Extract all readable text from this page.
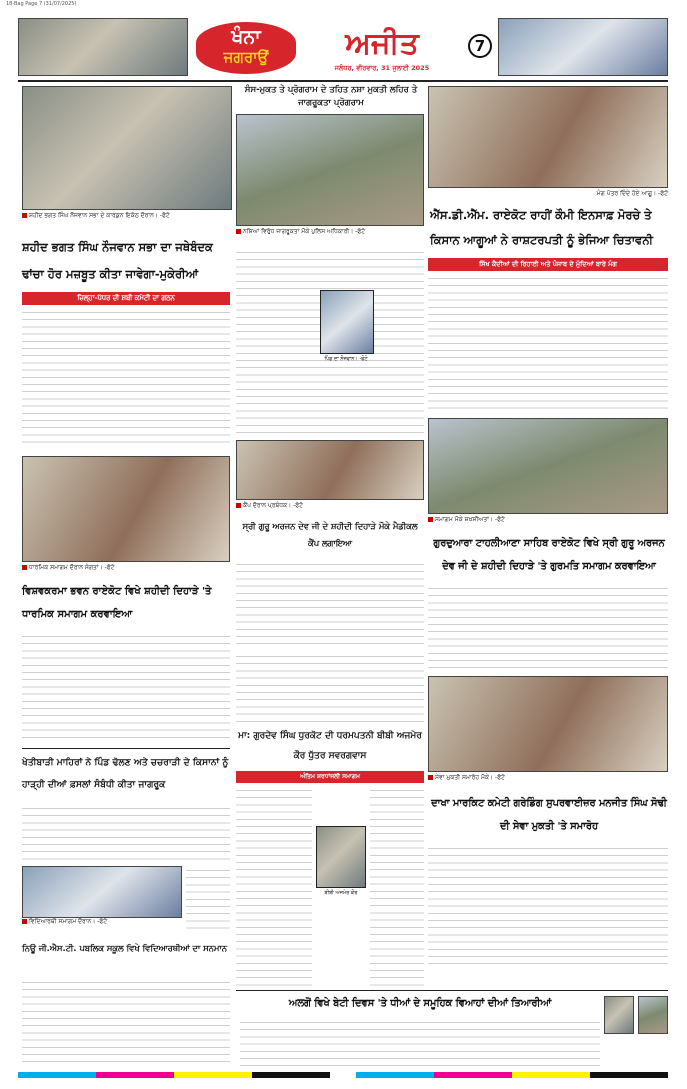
18-Bag Page 7 (31/07/2025)
ਖੰਨਾ
ਜਗਰਾਉਂ	ਅਜੀਤ
ਜਲੰਧਰ, ਵੀਰਵਾਰ, 31 ਜੁਲਾਈ 2025
7
ਸ਼ਹੀਦ ਭਗਤ ਸਿੰਘ ਨੌਜਵਾਨ ਸਭਾ ਦੇ ਕਾਰਕੁਨ ਇਕੱਠ ਦੌਰਾਨ। -ਫੋਟੋ
ਸੰਸ-ਮੁਕਤ ਤੇ ਪ੍ਰੋਗਰਾਮ ਦੇ ਤਹਿਤ ਨਸ਼ਾ ਮੁਕਤੀ ਲਹਿਰ ਤੇ ਜਾਗਰੂਕਤਾ ਪ੍ਰੋਗਰਾਮ
ਨਸ਼ਿਆਂ ਵਿਰੁੱਧ ਜਾਗਰੂਕਤਾ ਮੌਕੇ ਪੁਲਿਸ ਅਧਿਕਾਰੀ। -ਫੋਟੋ
ਮੰਗ ਪੱਤਰ ਦਿੰਦੇ ਹੋਏ ਆਗੂ। -ਫੋਟੋ
ਐੱਸ.ਡੀ.ਐੱਮ. ਰਾਏਕੋਟ ਰਾਹੀਂ ਕੌਮੀ ਇਨਸਾਫ਼ ਮੋਰਚੇ ਤੇ ਕਿਸਾਨ ਆਗੂਆਂ ਨੇ ਰਾਸ਼ਟਰਪਤੀ ਨੂੰ ਭੇਜਿਆ ਚਿਤਾਵਨੀ
ਸਿੱਖ ਕੈਦੀਆਂ ਦੀ ਰਿਹਾਈ ਅਤੇ ਪੰਜਾਬ ਦੇ ਮੁੱਦਿਆਂ ਬਾਰੇ ਮੰਗ
ਸ਼ਹੀਦ ਭਗਤ ਸਿੰਘ ਨੌਜਵਾਨ ਸਭਾ ਦਾ ਜਥੇਬੰਦਕ ਢਾਂਚਾ ਹੋਰ ਮਜ਼ਬੂਤ ਕੀਤਾ ਜਾਵੇਗਾ-ਮੁਕੇਰੀਆਂ
ਜ਼ਿਲ੍ਹਾ-ਪੱਧਰ ਦੀ ਸ਼ਬੀ ਕਮੇਟੀ ਦਾ ਗਠਨ
ਪਿੰਡ ਦਾ ਨੌਜਵਾਨ। -ਫੋਟੋ
ਕੈਂਪ ਦੌਰਾਨ ਪ੍ਰਬੰਧਕ। -ਫੋਟੋ
ਸ੍ਰੀ ਗੁਰੂ ਅਰਜਨ ਦੇਵ ਜੀ ਦੇ ਸ਼ਹੀਦੀ ਦਿਹਾੜੇ ਮੌਕੇ ਮੈਡੀਕਲ ਕੈਂਪ ਲਗਾਇਆ
ਸਮਾਗਮ ਮੌਕੇ ਸ਼ਖ਼ਸੀਅਤਾਂ। -ਫੋਟੋ
ਗੁਰਦੁਆਰਾ ਟਾਹਲੀਆਣਾ ਸਾਹਿਬ ਰਾਏਕੋਟ ਵਿਖੇ ਸ੍ਰੀ ਗੁਰੂ ਅਰਜਨ ਦੇਵ ਜੀ ਦੇ ਸ਼ਹੀਦੀ ਦਿਹਾੜੇ 'ਤੇ ਗੁਰਮਤਿ ਸਮਾਗਮ ਕਰਵਾਇਆ
ਧਾਰਮਿਕ ਸਮਾਗਮ ਦੌਰਾਨ ਸੰਗਤਾਂ। -ਫੋਟੋ
ਵਿਸ਼ਵਕਰਮਾ ਭਵਨ ਰਾਏਕੋਟ ਵਿਖੇ ਸ਼ਹੀਦੀ ਦਿਹਾੜੇ 'ਤੇ ਧਾਰਮਿਕ ਸਮਾਗਮ ਕਰਵਾਇਆ
ਖੇਤੀਬਾੜੀ ਮਾਹਿਰਾਂ ਨੇ ਪਿੰਡ ਢੋਲਣ ਅਤੇ ਚਚਰਾੜੀ ਦੇ ਕਿਸਾਨਾਂ ਨੂੰ ਹਾੜ੍ਹੀ ਦੀਆਂ ਫ਼ਸਲਾਂ ਸੰਬੰਧੀ ਕੀਤਾ ਜਾਗਰੂਕ
ਵਿਦਿਆਰਥੀ ਸਮਾਗਮ ਦੌਰਾਨ। -ਫੋਟੋ
ਨਿਊ ਜੀ.ਐਸ.ਟੀ. ਪਬਲਿਕ ਸਕੂਲ ਵਿਖੇ ਵਿਦਿਆਰਥੀਆਂ ਦਾ ਸਨਮਾਨ
ਮਾ: ਗੁਰਦੇਵ ਸਿੰਘ ਧੁਰਕੋਟ ਦੀ ਧਰਮਪਤਨੀ ਬੀਬੀ ਅਜਮੇਰ ਕੌਰ ਧੁੱਤਰ ਸਵਰਗਵਾਸ
ਅੰਤਿਮ ਸ਼ਰਧਾਂਜਲੀ ਸਮਾਗਮ
ਬੀਬੀ ਅਜਮੇਰ ਕੌਰ
ਸੇਵਾ ਮੁਕਤੀ ਸਮਾਰੋਹ ਮੌਕੇ। -ਫੋਟੋ
ਦਾਖਾ ਮਾਰਕਿਟ ਕਮੇਟੀ ਗਰੇਡਿੰਗ ਸੁਪਰਵਾਈਜ਼ਰ ਮਨਜੀਤ ਸਿੰਘ ਸੋਢੀ ਦੀ ਸੇਵਾ ਮੁਕਤੀ 'ਤੇ ਸਮਾਰੋਹ
ਅਲਗੋਂ ਵਿਖੇ ਬੇਟੀ ਦਿਵਸ 'ਤੇ ਧੀਆਂ ਦੇ ਸਮੂਹਿਕ ਵਿਆਹਾਂ ਦੀਆਂ ਤਿਆਰੀਆਂ
